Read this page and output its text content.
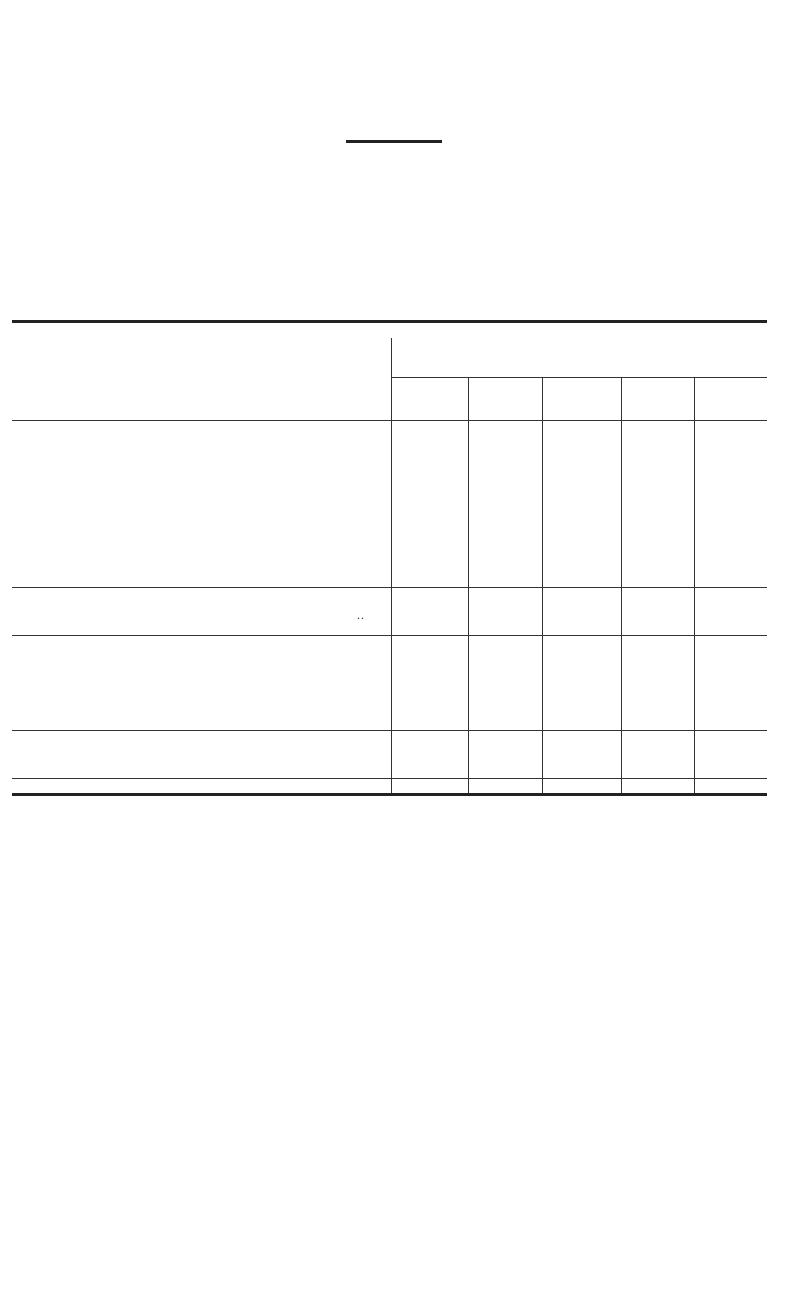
..
